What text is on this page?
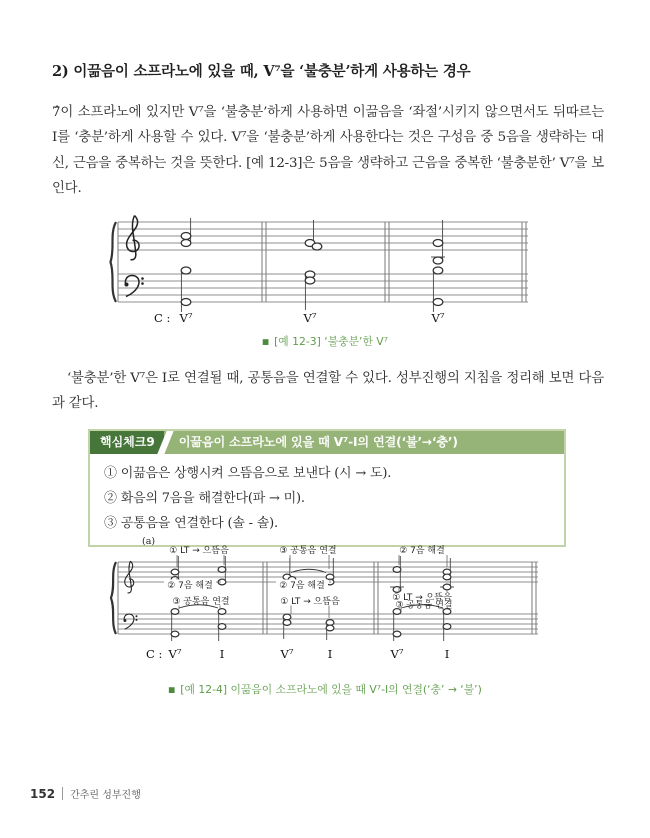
2) 이끎음이 소프라노에 있을 때, V⁷을 ‘불충분’하게 사용하는 경우
7̂이 소프라노에 있지만 V⁷을 ‘불충분’하게 사용하면 이끎음을 ‘좌절’시키지 않으면서도 뒤따르는 I를 ‘충분’하게 사용할 수 있다. V⁷을 ‘불충분’하게 사용한다는 것은 구성음 중 5음을 생략하는 대신, 근음을 중복하는 것을 뜻한다. [예 12-3]은 5음을 생략하고 근음을 중복한 ‘불충분한’ V⁷을 보인다.
C : V⁷	V⁷	V⁷
■ [예 12-3] ‘불충분’한 V⁷
‘불충분’한 V⁷은 I로 연결될 때, 공통음을 연결할 수 있다. 성부진행의 지침을 정리해 보면 다음과 같다.
핵심체크9	이끎음이 소프라노에 있을 때 V⁷-I의 연결(‘불’→‘충’)
① 이끎음은 상행시켜 으뜸음으로 보낸다 (시 → 도).
② 화음의 7음을 해결한다(파 → 미).
③ 공통음을 연결한다 (솔 - 솔).
(a)
① LT → 으뜸음
② 7음 해결
③ 공통음 연결
③ 공통음 연결
② 7음 해결
① LT → 으뜸음
② 7음 해결
① LT → 으뜸음
③ 공통음 연결
C : V⁷	I	V⁷	I	V⁷	I
■ [예 12-4] 이끎음이 소프라노에 있을 때 V⁷-I의 연결(‘충’ → ‘불’)
152 간추린 성부진행
